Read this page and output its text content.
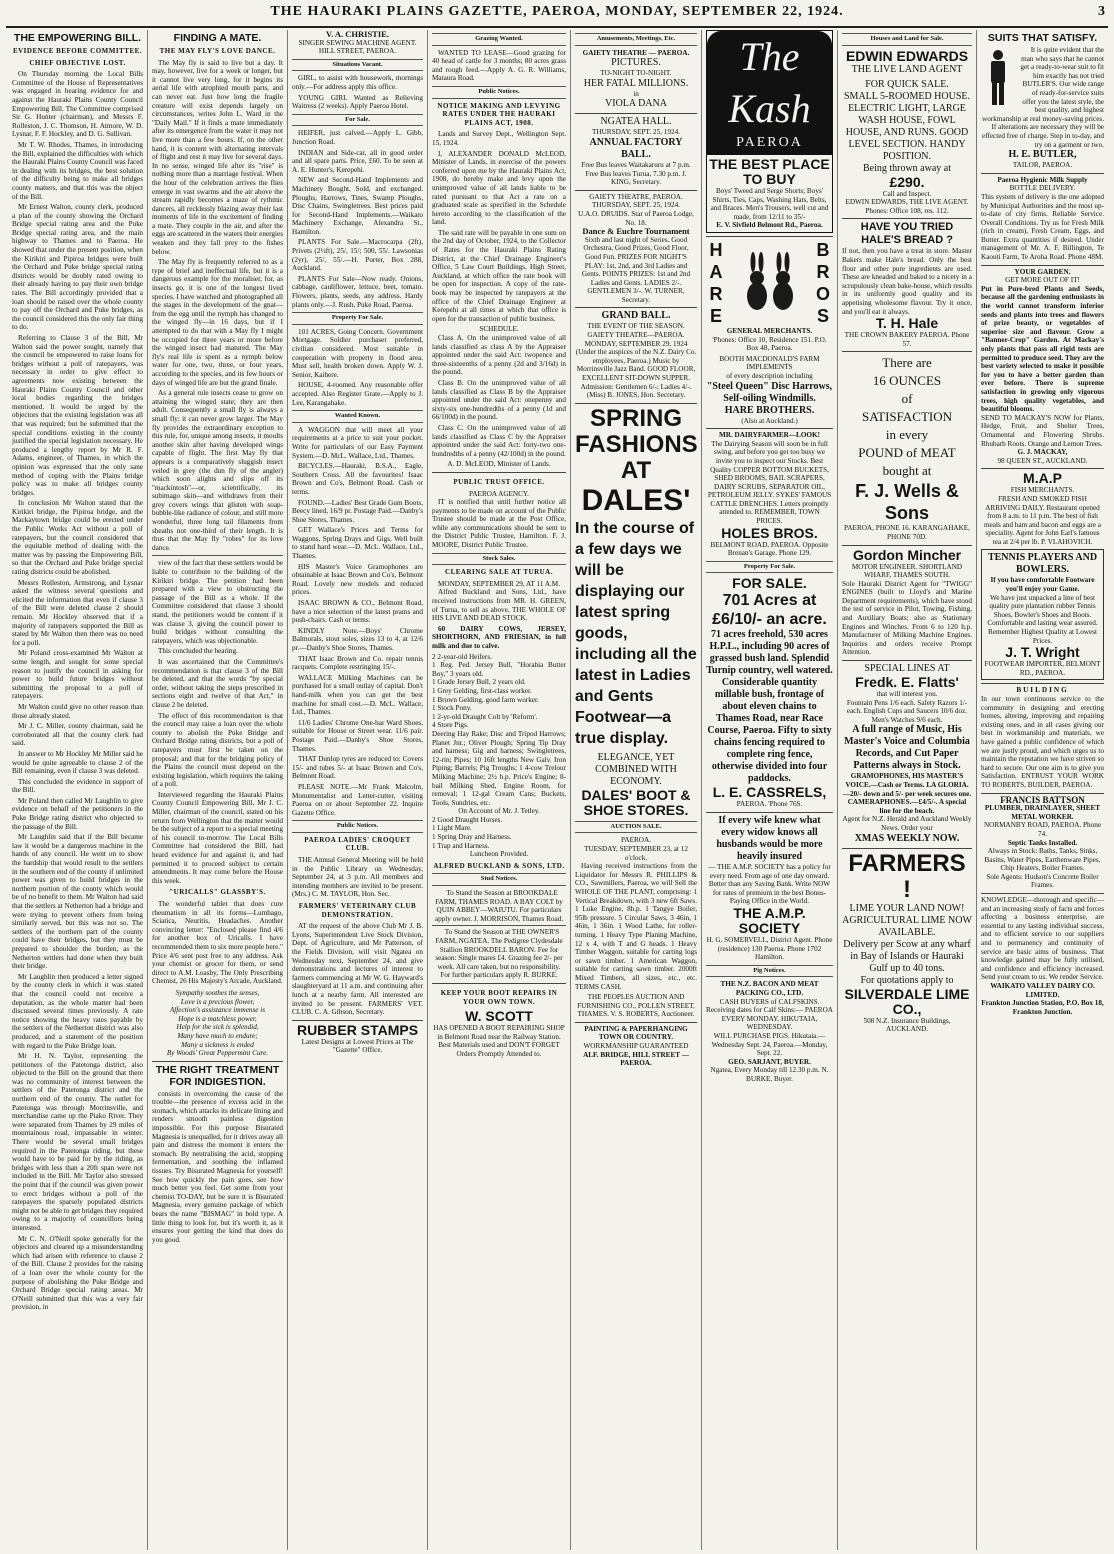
THE HAURAKI PLAINS GAZETTE, PAEROA, MONDAY, SEPTEMBER 22, 1924.	3
THE EMPOWERING BILL.
EVIDENCE BEFORE COMMITTEE.
CHIEF OBJECTIVE LOST.

On Thursday morning the Local Bills Committee of the House of Representatives was engaged in hearing evidence for and against the Hauraki Plains County Council Empowering Bill. The Committee comprised Sir G. Hunter (chairman), and Messrs F. Rolleston, J. C. Thomson, H. Atmore, W. D. Lysnar, F. F. Hockley, and D. G. Sullivan.

Mr T. W. Rhodes, Thames, in introducing the Bill, explained the difficulties with which the Hauraki Plains County Council was faced in dealing with its bridges, the best solution of the difficulty being to make all bridges county matters, and that this was the object of the Bill.

Mr Ernest Walton, county clerk, produced a plan of the county showing the Orchard Bridge special rating area and the Puke Bridge special rating area, and the main highway to Thames and to Paeroa. He showed that under the present position, when the Kirikiri and Pipiroa bridges were built the Orchard and Puke bridge special rating districts would be doubly rated owing to their already having to pay their own bridge rates. The Bill accordingly provided that a loan should be raised over the whole county to pay off the Orchard and Puke bridges, as the council considered this the only fair thing to do.

Referring to Clause 3 of the Bill, Mr Walton said the power sought, namely that the council be empowered to raise loans for bridges without a poll of ratepayers, was necessary in order to give effect to agreements now existing between the Hauraki Plains County Council and other local bodies regarding the bridges mentioned. It would be urged by the objectors that the existing legislation was all that was required; but he submitted that the special conditions existing in the county justified the special legislation necessary. He produced a lengthy report by Mr R. F. Adams, engineer, of Thames, in which the opinion was expressed that the only sane method of coping with the Plains bridge policy was to make all bridges county bridges.

In conclusion Mr Walton stated that the Kirikiri bridge, the Pipiroa bridge, and the Mackaytown bridge could be erected under the Public Works Act without a poll of ratepayers, but the council considered that the equitable method of dealing with the matter was by passing the Empowering Bill, so that the Orchard and Puke bridge special rating districts could be abolished.

Messrs Rolleston, Armstrong, and Lysnar asked the witness several questions and elicited the information that even if clause 3 of the Bill were deleted clause 2 should remain. Mr Hockley observed that if a majority of ratepayers supported the Bill as stated by Mr Walton then there was no need for a poll.

Mr Poland cross-examined Mr Walton at some length, and sought for some special reason to justify the council in asking for power to build future bridges without submitting the proposal to a poll of ratepayers.

Mr Walton could give no other reason than those already stated.

Mr J. C. Miller, county chairman, said he corroborated all that the county clerk had said.

In answer to Mr Hockley Mr Miller said he would be quite agreeable to clause 2 of the Bill remaining, even if clause 3 was deleted.

This concluded the evidence in support of the Bill.

Mr Poland then called Mr Laughlin to give evidence on behalf of the petitioners in the Puke Bridge rating district who objected to the passage of the Bill.

Mr Laughlin said that if the Bill became law it would be a dangerous machine in the hands of any council. He went on to show the hardship that would result to the settlers in the southern end of the county if unlimited power was given to build bridges in the northern portion of the county which would be of no benefit to them. Mr Walton had said that the settlers at Netherton had a bridge and were trying to prevent others from being similarly served, but this was not so. The settlers of the northern part of the county could have their bridges, but they must be prepared to shoulder the burden, as the Netherton settlers had done when they built their bridge.

Mr Laughlin then produced a letter signed by the county clerk in which it was stated that the council could not receive a deputation, as the whole matter had been discussed several times previously. A rate notice showing the heavy rates payable by the settlers of the Netherton district was also produced, and a statement of the position with regard to the Puke Bridge loan.

Mr H. N. Taylor, representing the petitioners of the Patetonga district, also objected to the Bill on the ground that there was no community of interest between the settlers of the Patetonga district and the northern end of the county. The outlet for Patetonga was through Morrinsville, and merchandise came up the Piako River. They were separated from Thames by 29 miles of mountainous road, impassable in winter. There would be several small bridges required in the Patetonga riding, but these would have to be paid for by the riding, as bridges with less than a 20ft span were not included in the Bill. Mr Taylor also stressed the point that if the council was given power to erect bridges without a poll of the ratepayers the sparsely populated districts might not be able to get bridges they required owing to a majority of councillors being interested.

Mr C. N. O'Neill spoke generally for the objectors and cleared up a misunderstanding which had arisen with reference to clause 2 of the Bill. Clause 2 provides for the raising of a loan over the whole county for the purpose of abolishing the Puke Bridge and Orchard Bridge special rating areas. Mr O'Neill submitted that this was a very fair provision, in

FINDING A MATE.
THE MAY FLY'S LOVE DANCE.

The May fly is said to live but a day. It may, however, live for a week or longer, but it cannot live very long, for it begins its aerial life with atrophied mouth parts, and can never eat. Just how long the fragile creature will exist depends largely on circumstances, writes John L. Ward in the "Daily Mail." If it finds a mate immediately after its emergence from the water it may not live more than a few hours. If, on the other hand, it is content with alternating intervals of flight and rest it may live for several days. In no sense, winged life after its "rise" is nothing more than a marriage festival. When the hour of the celebration arrives the flies emerge in vast swarms and the air above the stream rapidly becomes a maze of rythmic dancers, all recklessly blazing away their last moments of life in the excitement of finding a mate. They couple in the air, and after the eggs are scattered in the waters their energies weaken and they fall prey to the fishes below.

The May fly is frequently referred to as a type of brief and ineffectual life, but it is a dangerous example for the moraliser, for, as insects go, it is one of the longest lived species. I have watched and photographed all the stages in the development of the gnat—from the egg until the nymph has changed to the winged fly—in 16 days, but if I attempted to do that with a May fly I might be occupied for three years or more before the winged insect had matured. The May fly's real life is spent as a nymph below water for one, two, three, or four years, according to the species, and its few hours or days of winged life are but the grand finale.

As a general rule insects cease to grow on attaining the winged state; they are then adult. Consequently a small fly is always a small fly; it can never grow larger. The May fly provides the extraordinary exception to this rule, for, unique among insects, it moults another skin after having developed wings capable of flight. The first May fly that appears is a comparatively sluggish insect veiled in grey (the dun fly of the angler) which soon alights and slips off its "mackintosh"—or, scientifically, its subimago skin—and withdraws from their grey covers wings that glisten with soap-bubble-like radiance of colour, and still more wonderful, three long tail filaments from sheaths not one-third of their length. It is thus that the May fly "robes" for its love dance.

view of the fact that these settlers would be liable to contribute to the building of the Kirikiri bridge. The petition had been prepared with a view to obstructing the passage of the Bill as a whole. If the Committee considered that clause 3 should stand, the petitioners would be content if it was clause 3, giving the council power to build bridges without consulting the ratepayers, which was objectionable.

This concluded the hearing.

It was ascertained that the Committee's recommendation is that clause 3 of the Bill be deleted, and that the words "by special order, without taking the steps prescribed in sections eight and twelve of that Act," in clause 2 be deleted.

The effect of this recommendation is that the council may raise a loan over the whole county to abolish the Puke Bridge and Orchard Bridge rating districts, but a poll of ratepayers must first be taken on the proposal; and that for the bridging policy of the Plains the council must depend on the existing legislation, which requires the taking of a poll.

Interviewed regarding the Hauraki Plains County Council Empowering Bill, Mr J. C. Miller, chairman of the council, stated on his return from Wellington that the matter would be the subject of a report to a special meeting of his council to-morrow. The Local Bills Committee had considered the Bill, had heard evidence for and against it, and had permitted it to proceed subject to certain amendments. It may come before the House this week.

"URICALLS" GLASSBY'S.

The wonderful tablet that does cure rheumatism in all its forms—Lumbago, Sciatica, Neuritis, Headaches. Another convincing letter: "Enclosed please find 4/6 for another box of Uricalls. I have recommended them to six more people here." Price 4/6 sent post free to any address. Ask your chemist or grocer for them, or send direct to A.M. Loasby, The Only Prescribing Chemist, 26 His Majesty's Arcade, Auckland.

Sympathy soothes the senses,
Love is a precious flower,
Affection's assistance immense is
Hope is a matchless power,
Help for the sick is splendid,
Many have much to endure;
Many a sickness is ended
By Woods' Great Peppermint Cure.
THE RIGHT TREATMENT FOR INDIGESTION.

consists in overcoming the cause of the trouble—the presence of excess acid in the stomach, which attacks its delicate lining and renders smooth painless digestion impossible. For this purpose Bisurated Magnesia is unequalled, for it drives away all pain and distress the moment it enters the stomach. By neutralising the acid, stopping fermentation, and soothing the inflamed tissues. Try Bisurated Magnesia for yourself! See how quickly the pain goes, see how much better you feel. Get some from your chemist TO-DAY, but be sure it is Bisurated Magnesia, every genuine package of which bears the name "BISMAG" in bold type. A little thing to look for, but it's worth it, as it ensures your getting the kind that does do you good.

V. A. CHRISTIE.
SINGER SEWING MACHINE AGENT.
HILL STREET, PAEROA.
Situations Vacant.

GIRL, to assist with housework, mornings only.—For address apply this office.

YOUNG GIRL Wanted as Relieving Waitress (2 weeks). Apply Paeroa Hotel.

For Sale.

HEIFER, just calved.—Apply L. Gibb, Junction Road.

INDIAN and Side-car, all in good order and all spare parts. Price, £60. To be seen at A. E. Hunter's, Kerepehi.

NEW and Second-Hand Implements and Machinery Bought, Sold, and exchanged. Ploughs, Harrows, Tines, Swamp Ploughs, Disc Chains, Swingletrees. Best prices paid for Second-Hand Implements.—Waikato Machinery Exchange, Alexandra St., Hamilton.

PLANTS For Sale.—Macrocarpa (2ft), Privets (2½ft), 25/, 15/; 500, 55/. Lawsonias (2yr), 25/, 55/.—H. Porter, Box 288, Auckland.

PLANTS For Sale—Now ready. Onions, cabbage, cauliflower, lettuce, beet, tomato. Flowers, plants, seeds, any address. Hardy plants only.—J. Rush, Puke Road, Paeroa.

Property For Sale.

101 ACRES, Going Concern. Government Mortgage. Soldier purchaser preferred, civilian considered. Most suitable in cooperation with property in flood area. Must sell, health broken down. Apply W. J. Senior, Kaihere.

HOUSE, 4-roomed. Any reasonable offer accepted. Also Register Grate.—Apply to J. Lee, Karangahake.

Wanted Known.

A WAGGON that will meet all your requirements at a price to suit your pocket. Write for particulars of our Easy Payment System.—D. McL. Wallace, Ltd., Thames.

BICYCLES.—Hauraki, B.S.A., Eagle, Southern Cross. All the favourites! Isaac Brown and Co's, Belmont Road. Cash or terms.

FOUND.—Ladies' Best Grade Gum Boots, Beecy lined, 16/9 pr. Postage Paid.—Danby's Shoe Stores, Thames.

GET Wallace's Prices and Terms for Waggons, Spring Drays and Gigs. Well built to stand hard wear.—D. McL. Wallace, Ltd., Thames.

HIS Master's Voice Gramophones are obtainable at Isaac Brown and Co's, Belmont Road. Lovely new models and reduced prices.

ISAAC BROWN & CO., Belmont Road, have a nice selection of the latest prams and push-chairs. Cash or terms.

KINDLY Note.—Boys' Chrome Balmorals, stout soles, sizes 13 to 4, at 12/6 pr.—Danby's Shoe Stores, Thames.

THAT Isaac Brown and Co. repair tennis racquets. Complete restringing 15/-.

WALLACE Milking Machines can be purchased for a small outlay of capital. Don't hand-milk when you can get the best machine for small cost.—D. McL. Wallace, Ltd., Thames.

11/6 Ladies' Chrome One-bar Ward Shoes, suitable for House or Street wear. 11/6 pair. Postage Paid.—Danby's Shoe Stores, Thames.

THAT Dunlop tyres are reduced to: Covers 15/- and tubes 5/- at Isaac Brown and Co's, Belmont Road.

PLEASE NOTE.—Mr Frank Malcolm, Monumentalist and Letter-cutter, visiting Paeroa on or about September 22. Inquire Gazette Office.

Public Notices.
PAEROA LADIES' CROQUET CLUB.

THE Annual General Meeting will be held in the Public Library on Wednesday, September 24, at 3 p.m. All members and intending members are invited to be present. (Mrs.) C. M. TAYLOR, Hon. Sec.

FARMERS' VETERINARY CLUB DEMONSTRATION.

AT the request of the above Club Mr J. B. Lyons, Superintendent Live Stock Division, Dept. of Agriculture, and Mr Patterson, of the Fields Division, will visit Ngatea on Wednesday next, September 24, and give demonstrations and lectures of interest to farmers commencing at Mr W. G. Hayward's slaughteryard at 11 a.m. and continuing after lunch at a nearby farm. All interested are invited to be present. FARMERS' VET. CLUB. C. A. Gibson, Secretary.

RUBBER STAMPS
Latest Designs at Lowest Prices at The "Gazette" Office.
Grazing Wanted.

WANTED TO LEASE—Good grazing for 40 head of cattle for 3 months; 80 acres grass and rough feed.—Apply A. G. R. Williams, Mataura Road.

Public Notices.
NOTICE MAKING AND LEVYING RATES UNDER THE HAURAKI PLAINS ACT, 1908.

Lands and Survey Dept., Wellington Sept. 15, 1924.

I, ALEXANDER DONALD McLEOD, Minister of Lands, in exercise of the powers conferred upon me by the Hauraki Plains Act, 1908, do hereby make and levy upon the unimproved value of all lands liable to be rated pursuant to that Act a rate on a graduated scale as specified in the Schedule hereto according to the classification of the land.

The said rate will be payable in one sum on the 2nd day of October, 1924, to the Collector of Rates for the Hauraki Plains Rating District, at the Chief Drainage Engineer's Office, 5 Law Court Buildings, High Street, Auckland, at which office the rate book will be open for inspection. A copy of the rate-book may be inspected by ratepayers at the office of the Chief Drainage Engineer at Kerepehi at all times at which that office is open for the transaction of public business.

SCHEDULE.

Class A. On the unimproved value of all lands classified as class A by the Appraiser appointed under the said Act: twopence and three-sixteenths of a penny (2d and 3/16d) in the pound.

Class B. On the unimproved value of all lands classified as Class B by the Appraiser appointed under the said Act: onepenny and sixty-six one-hundredths of a penny (1d and 66/100d) in the pound.

Class C. On the unimproved value of all lands classified as Class C by the Appraiser appointed under the said Act: forty-two one-hundredths of a penny (42/100d) in the pound.

A. D. McLEOD, Minister of Lands.
PUBLIC TRUST OFFICE.
PAEROA AGENCY.

IT is notified that until further notice all payments to be made on account of the Public Trustee should be made at the Post Office, while any communications should be sent to the District Public Trustee, Hamilton. F. J. MOORE, District Public Trustee.

Stock Sales.
CLEARING SALE AT TURUA.
MONDAY, SEPTEMBER 29, AT 11 A.M.

Alfred Buckland and Sons, Ltd., have received instructions from MR. H. GREEN, of Turua, to sell as above, THE WHOLE OF HIS LIVE AND DEAD STOCK.

60 DAIRY COWS, JERSEY, SHORTHORN, AND FRIESIAN, in full milk and due to calve.

2 2-year-old Heifers.
1 Reg. Ped. Jersey Bull, "Horahia Butter Boy," 3 years old.
1 Grade Jersey Bull, 2 years old.
1 Grey Gelding, first-class worker.
1 Brown Gelding, good farm worker.
1 Stock Pony.
1 2-yr-old Draught Colt by 'Reform'.
4 Store Pigs.
Deering Hay Rake; Disc and Tripod Harrows; Planet Jnr.; Oliver Plough; Spring Tip Dray and harness; Gig and harness; Swingletrees, 12-rin; Pipes; 10 16ft lengths New Galv. Iron Piping; Barrels; Pig Troughs; 1 4-cow Trelour Milking Machine; 2½ h.p. Price's Engine; 8-bail Milking Shed, Engine Room, for removal; 1 12-gal Cream Cans; Buckets, Tools, Sundries, etc.
On Account of Mr. J. Tetley.
2 Good Draught Horses.
1 Light Mare.
1 Spring Dray and Harness.
1 Trap and Harness.
Luncheon Provided.
ALFRED BUCKLAND & SONS, LTD.
Stud Notices.

To Stand the Season at BROOKDALE FARM, THAMES ROAD. A BAY COLT by QUIN ABBEY—WAIUTU. For particulars apply owner. J. MORRISON, Thames Road.

To Stand the Season at THE OWNER'S FARM, NGATEA. The Pedigree Clydesdale Stallion BROOKDELL BARON. Fee for season: Single mares £4. Grazing fee 2/- per week. All care taken, but no responsibility. For further particulars apply R. BURKE.

KEEP YOUR BOOT REPAIRS IN YOUR OWN TOWN.
W. SCOTT
HAS OPENED A BOOT REPAIRING SHOP in Belmont Road near the Railway Station. Best Materials used and DON'T FORGET Orders Promptly Attended to.
Amusements, Meetings, Etc.
GAIETY THEATRE — PAEROA.
PICTURES.
TO-NIGHT TO-NIGHT.
HER FATAL MILLIONS.
in
VIOLA DANA
NGATEA HALL.
THURSDAY, SEPT. 25, 1924.
ANNUAL FACTORY BALL.
Free Bus leaves Waitakaruru at 7 p.m. Free Bus leaves Turua, 7.30 p.m. J. KING, Secretary.
GAIETY THEATRE, PAEROA. THURSDAY, SEPT. 25, 1924.
U.A.O. DRUIDS. Star of Paeroa Lodge, No. 18.
Dance & Euchre Tournament
Sixth and last night of Series. Good Orchestra, Good Prizes, Good Floor, Good Fun. PRIZES FOR NIGHT'S PLAY: 1st, 2nd, and 3rd Ladies and Gents. POINTS PRIZES: 1st and 2nd Ladies and Gents. LADIES 2/-. GENTLEMEN 3/-. W. TURNER, Secretary.
GRAND BALL.
THE EVENT OF THE SEASON. GAIETY THEATRE—PAEROA. MONDAY, SEPTEMBER 29, 1924 (Under the auspices of the N.Z. Dairy Co. employees, Paeroa.) Music by Morrinsville Jazz Band. GOOD FLOOR, EXCELLENT SIT-DOWN SUPPER. Admission: Gentlemen 6/-; Ladies 4/-. (Miss) B. JONES, Hon. Secretary.
SPRING FASHIONS
AT
DALES'
In the course of a few days we will be displaying our latest spring goods, including all the latest in Ladies and Gents Footwear—a true display.
ELEGANCE, YET COMBINED WITH ECONOMY.
DALES' BOOT & SHOE STORES.
AUCTION SALE.
PAEROA.
TUESDAY, SEPTEMBER 23, at 12 o'clock.

Having received instructions from the Liquidator for Messrs R. PHILLIPS & CO., Sawmillers, Paeroa, we will Sell the WHOLE OF THE PLANT, comprising: 1 Vertical Breakdown, with 3 new 6ft Saws. 1 Luke Engine, 8h.p. 1 Tangye Boiler, 95lb pressure. 5 Circular Saws, 3 46in, 1 46in, 1 36in. 1 Wood Lathe, for roller-turning. 1 Heavy Type Planing Machine, 12 x 4, with T and G heads. 1 Heavy Timber Waggon, suitable for carting logs or sawn timber. 1 American Waggon, suitable for carting sawn timber. 2000ft Mixed Timbers, all sizes, etc., etc. TERMS CASH.

THE PEOPLES AUCTION AND FURNISHING CO., POLLEN STREET, THAMES. V. S. ROBERTS, Auctioneer.
PAINTING & PAPERHANGING TOWN OR COUNTRY.
WORKMANSHIP GUARANTEED
ALF. BRIDGE, HILL STREET — PAEROA.
The Kash
PAEROA
THE BEST PLACE TO BUY
Boys' Tweed and Serge Shorts; Boys' Shirts, Ties, Caps, Washing Hats, Belts, and Braces. Men's Trousers, well cut and made, from 12/11 to 35/-
E. V. Sivfield Belmont Rd., Paeroa.
H
A
R
E
B
R
O
S
GENERAL MERCHANTS.
'Phones: Office 10, Residence 151. P.O. Box 48, Paeroa.
BOOTH MACDONALD'S FARM IMPLEMENTS
of every description including
"Steel Queen" Disc Harrows, Self-oiling Windmills.
HARE BROTHERS.
(Also at Auckland.)
MR. DAIRYFARMER—LOOK!
The Dairying Season will soon be in full swing, and before you get too busy we invite you to inspect our Stocks. Best Quality COPPER BOTTOM BUCKETS, SHED BROOMS, BAIL SCRAPERS, DAIRY SCRUBS, SEPARATOR OIL, PETROLEUM JELLY. SYKES' FAMOUS CATTLE DRENCHES. Letters promptly attended to. REMEMBER, TOWN PRICES.
HOLES BROS.
BELMONT ROAD, PAEROA. Opposite Brenan's Garage. Phone 129.
Property For Sale.
FOR SALE.
701 Acres at £6/10/- an acre.
71 acres freehold, 530 acres H.P.L., including 90 acres of grassed bush land. Splendid Turnip country, well watered. Considerable quantity millable bush, frontage of about eleven chains to Thames Road, near Race Course, Paeroa. Fifty to sixty chains fencing required to complete ring fence, otherwise divided into four paddocks.
L. E. CASSRELS,
PAEROA. 'Phone 76S.
If every wife knew what every widow knows all husbands would be more heavily insured
— THE A.M.P. SOCIETY has a policy for every need. From age of one day onward. Better than any Saving Bank. Write NOW for rates of premium in the best Bonus-Paying Office in the World.
THE A.M.P. SOCIETY
H. G. SOMERVELL, District Agent. Phone (residence) 130 Paeroa. Phone 1702 Hamilton.
Pig Notices.
THE N.Z. BACON AND MEAT PACKING CO., LTD.
CASH BUYERS of CALFSKINS. Receiving dates for Calf Skins:— PAEROA EVERY MONDAY. HIKUTAIA, WEDNESDAY.
WILL PURCHASE PIGS. Hikutaia.—Wednesday Sept. 24, Paeroa.—Monday, Sept. 22.
GEO. SARJANT, BUYER.
Ngatea, Every Monday till 12.30 p.m. N. BURKE, Buyer.
Houses and Land for Sale.
EDWIN EDWARDS
THE LIVE LAND AGENT
FOR QUICK SALE.
SMALL 5-ROOMED HOUSE. ELECTRIC LIGHT, LARGE WASH HOUSE, FOWL HOUSE, AND RUNS. GOOD LEVEL SECTION. HANDY POSITION.
Being thrown away at
£290.
Call and Inspect.
EDWIN EDWARDS, THE LIVE AGENT. Phones: Office 108, res. 112.
HAVE YOU TRIED HALE'S BREAD ?
If not, then you have a treat in store. Master Bakers make Hale's bread. Only the best flour and other pure ingredients are used. These are kneaded and baked to a nicety in a scrupulously clean bake-house, which results in its uniformly good quality and its appetising wholesome flavour. Try it once, and you'll eat it always.
T. H. Hale
THE CROWN BAKERY PAEROA. Phone 57.
There are
16 OUNCES
of
SATISFACTION
in every
POUND of MEAT
bought at
F. J. Wells & Sons
PAEROA, PHONE 16. KARANGAHAKE, PHONE 70D.
Gordon Mincher
MOTOR ENGINEER. SHORTLAND WHARF, THAMES SOUTH.
Sole Hauraki District Agent for "TWIGG" ENGINES (built to Lloyd's and Marine Department requirements), which have stood the test of service in Pilot, Towing, Fishing, and Auxiliary Boats; also as Stationary Engines and Winches. From 6 to 120 h.p. Manufacturer of Milking Machine Engines. Inquiries and orders receive Prompt Attention.
SPECIAL LINES AT
Fredk. E. Flatts'
that will interest you.
Fountain Pens 1/6 each. Safety Razors 1/- each. English Cups and Saucers 10/6 doz. Men's Watches 9/6 each.
A full range of Music, His Master's Voice and Columbia Records, and Cut Paper Patterns always in Stock.
GRAMOPHONES, HIS MASTER'S VOICE.—Cash or Terms. LA GLORIA.—20/- down and 5/- per week secures one. CAMERAPHONES.—£4/5/-. A special line for the beach.
Agent for N.Z. Herald and Auckland Weekly News. Order your
XMAS WEEKLY NOW.
FARMERS !
LIME YOUR LAND NOW!
AGRICULTURAL LIME NOW AVAILABLE.
Delivery per Scow at any wharf in Bay of Islands or Hauraki Gulf up to 40 tons.
For quotations apply to
SILVERDALE LIME CO.,
508 N.Z. Insurance Buildings, AUCKLAND.
SUITS THAT SATISFY.
It is quite evident that the man who says that he cannot get a ready-to-wear suit to fit him exactly has not tried BUTLER'S. Our wide range of ready-for-service suits offer you the latest style, the best quality, and highest workmanship at real money-saving prices. If alterations are necessary they will be effected free of charge. Step in to-day, and try on a garment or two.
H. E. BUTLER,
TAILOR, PAEROA.
Paeroa Hygienic Milk Supply
BOTTLE DELIVERY.
This system of delivery is the one adopted by Municipal Authorities and the most up-to-date of city firms. Reliable Service. Overall Conditions. Try us for Fresh Milk (rich in cream), Fresh Cream, Eggs, and Butter. Extra quantities if desired. Under management of Mr. A. F. Billington, Te Kaouti Farm, Te Aroha Road. Phone 48M.
YOUR GARDEN.
GET MORE OUT OF IT!
Put in Pure-bred Plants and Seeds, because all the gardening enthusiasts in the world cannot transform inferior seeds and plants into trees and flowers of prize beauty, or vegetables of superior size and flavour. Grow a "Banner-Crop" Garden. At Mackay's only plants that pass all rigid tests are permitted to produce seed. They are the best variety selected to make it possible for you to have a better garden than ever before. There is supreme satisfaction in growing only vigorous trees, high quality vegetables, and beautiful blooms.
SEND TO MACKAY'S NOW for Plants, Hedge, Fruit, and Shelter Trees, Ornamental and Flowering Shrubs. Rhubarb Roots. Orange and Lemon Trees.
G. J. MACKAY,
98 QUEEN ST., AUCKLAND.
M.A.P
FISH MERCHANTS.
FRESH AND SMOKED FISH ARRIVING DAILY. Restaurant opened from 8 a.m. to 11 p.m. The best of fish meals and ham and bacon and eggs are a speciality. Agent for John Earl's famous tea at 2/4 per lb. P. VLAHOVICH.
TENNIS PLAYERS AND BOWLERS.
If you have comfortable Footware you'll enjoy your Game.
We have just unpacked a line of best quality pure plantation rubber Tennis Shoes, Bowler's Shoes and Boots. Comfortable and lasting wear assured. Remember Highest Quality at Lowest Prices.
J. T. Wright
FOOTWEAR IMPORTER, BELMONT RD., PAEROA.
BUILDING
In our town continuous service to the community in designing and erecting homes, altering, improving and repairing existing ones, and in all cases giving our best in workmanship and materials, we have gained a public confidence of which we are justly proud, and which urges us to maintain the reputation we have striven so hard to secure. Our one aim is to give you Satisfaction. ENTRUST YOUR WORK TO ROBERTS, BUILDER, PAEROA.
FRANCIS BATTSON
PLUMBER, DRAINLAYER, SHEET METAL WORKER.
NORMANBY ROAD, PAEROA. Phone 74.
Septic Tanks Installed.
Always in Stock: Baths, Tanks, Sinks, Basins, Water Pipes, Earthenware Pipes, Chip Heaters, Boiler Frames.
Sole Agents: Hudson's Concrete Boiler Frames.
KNOWLEDGE—thorough and specific—and an increasing study of facts and forces affecting a business enterprise, are essential to any lasting individual success, and to efficient service to our suppliers and to permanency and continuity of service are basic aims of business. That knowledge gained may be fully utilised, and confidence and efficiency increased. Send your cream to us. We render Service.
WAIKATO VALLEY DAIRY CO. LIMITED.
Frankton Junction Station, P.O. Box 18, Frankton Junction.
